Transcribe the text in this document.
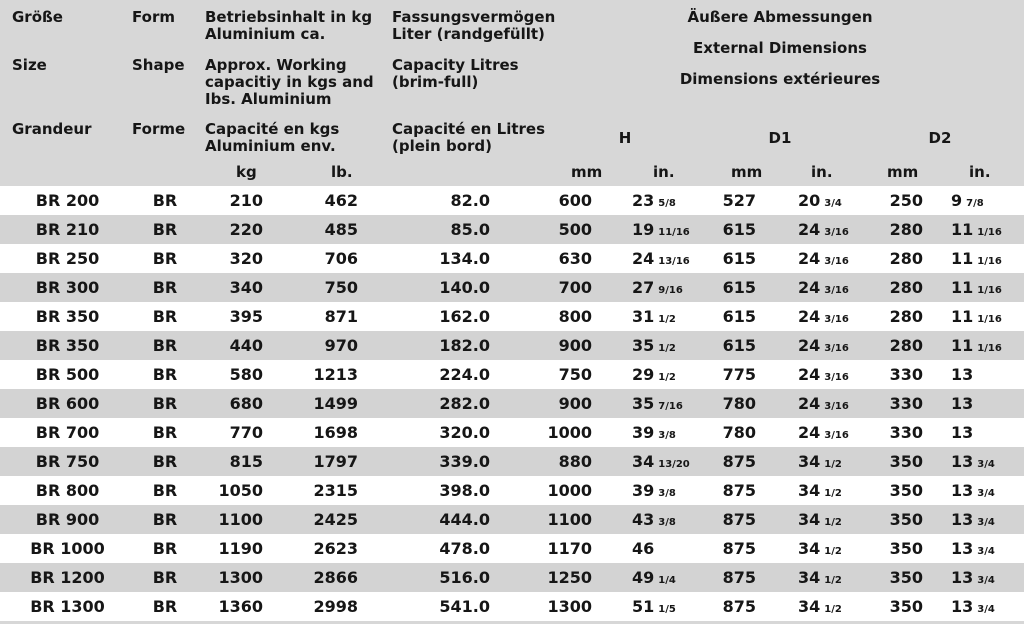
Größe
Size
Grandeur
Form
Shape
Forme
Betriebsinhalt in kg Aluminium ca.
Approx. Working capacitiy in kgs and Ibs. Aluminium
Capacité en kgs Aluminium env.
Fassungsvermögen Liter (randgefüllt)
Capacity Litres (brim-full)
Capacité en Litres (plein bord)
Äußere Abmessungen
External Dimensions
Dimensions extérieures
H	D1	D2
kg	lb.	mm	in.	mm	in.	mm	in.
BR 200	BR	210	462	82.0	600	23 5/8	527	20 3/4	250	9 7/8
BR 210	BR	220	485	85.0	500	19 11/16	615	24 3/16	280	11 1/16
BR 250	BR	320	706	134.0	630	24 13/16	615	24 3/16	280	11 1/16
BR 300	BR	340	750	140.0	700	27 9/16	615	24 3/16	280	11 1/16
BR 350	BR	395	871	162.0	800	31 1/2	615	24 3/16	280	11 1/16
BR 350	BR	440	970	182.0	900	35 1/2	615	24 3/16	280	11 1/16
BR 500	BR	580	1213	224.0	750	29 1/2	775	24 3/16	330	13
BR 600	BR	680	1499	282.0	900	35 7/16	780	24 3/16	330	13
BR 700	BR	770	1698	320.0	1000	39 3/8	780	24 3/16	330	13
BR 750	BR	815	1797	339.0	880	34 13/20	875	34 1/2	350	13 3/4
BR 800	BR	1050	2315	398.0	1000	39 3/8	875	34 1/2	350	13 3/4
BR 900	BR	1100	2425	444.0	1100	43 3/8	875	34 1/2	350	13 3/4
BR 1000	BR	1190	2623	478.0	1170	46	875	34 1/2	350	13 3/4
BR 1200	BR	1300	2866	516.0	1250	49 1/4	875	34 1/2	350	13 3/4
BR 1300	BR	1360	2998	541.0	1300	51 1/5	875	34 1/2	350	13 3/4
